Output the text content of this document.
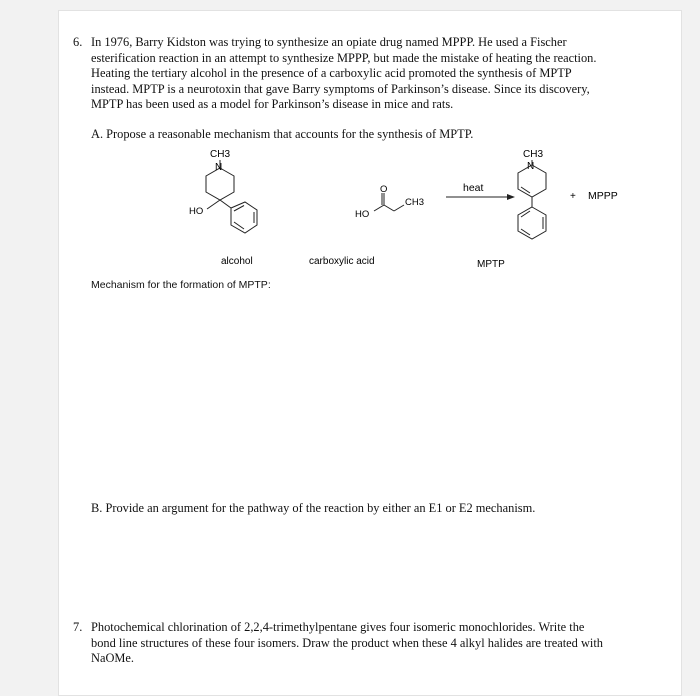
6. In 1976, Barry Kidston was trying to synthesize an opiate drug named MPPP. He used a Fischer
esterification reaction in an attempt to synthesize MPPP, but made the mistake of heating the reaction.
Heating the tertiary alcohol in the presence of a carboxylic acid promoted the synthesis of MPTP
instead. MPTP is a neurotoxin that gave Barry symptoms of Parkinson’s disease. Since its discovery,
MPTP has been used as a model for Parkinson’s disease in mice and rats.
A. Propose a reasonable mechanism that accounts for the synthesis of MPTP.
CH3
N
HO
O
HO
CH3
heat
CH3
N
+ MPPP
alcohol	carboxylic acid	MPTP
Mechanism for the formation of MPTP:
B. Provide an argument for the pathway of the reaction by either an E1 or E2 mechanism.
7. Photochemical chlorination of 2,2,4-trimethylpentane gives four isomeric monochlorides. Write the
bond line structures of these four isomers. Draw the product when these 4 alkyl halides are treated with
NaOMe.
